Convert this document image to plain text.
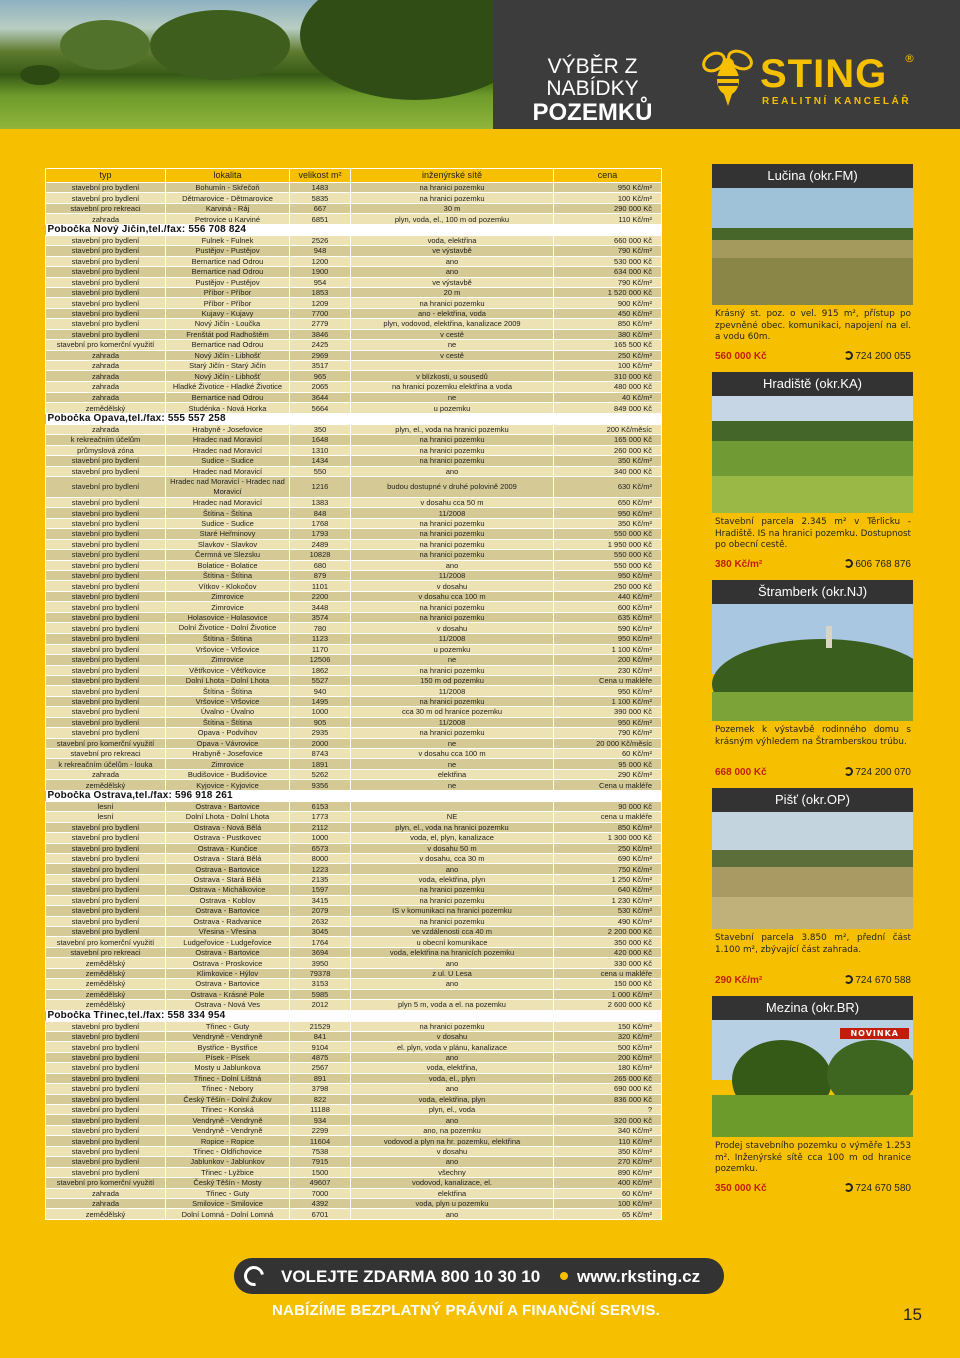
VÝBĚR Z NABÍDKY
POZEMKŮ
STING ®
REALITNÍ KANCELÁŘ
typ	lokalita	velikost m²	inženýrské sítě	cena
stavební pro bydlení	Bohumín - Skřečoň	1483	na hranici pozemku	950 Kč/m²
stavební pro bydlení	Dětmarovice - Dětmarovice	5835	na hranici pozemku	100 Kč/m²
stavební pro rekreaci	Karviná - Ráj	667	30 m	290 000 Kč
zahrada	Petrovice u Karviné	6851	plyn, voda, el., 100 m od pozemku	110 Kč/m²
Pobočka Nový Jičín,tel./fax: 556 708 824				
stavební pro bydlení	Fulnek - Fulnek	2526	voda, elektřina	660 000 Kč
stavební pro bydlení	Pustějov - Pustějov	948	ve výstavbě	790 Kč/m²
stavební pro bydlení	Bernartice nad Odrou	1200	ano	530 000 Kč
stavební pro bydlení	Bernartice nad Odrou	1900	ano	634 000 Kč
stavební pro bydlení	Pustějov - Pustějov	954	ve výstavbě	790 Kč/m²
stavební pro bydlení	Příbor - Příbor	1853	20 m	1 520 000 Kč
stavební pro bydlení	Příbor - Příbor	1209	na hranici pozemku	900 Kč/m²
stavební pro bydlení	Kujavy - Kujavy	7700	ano - elektřina, voda	450 Kč/m²
stavební pro bydlení	Nový Jičín - Loučka	2779	plyn, vodovod, elektřina, kanalizace 2009	850 Kč/m²
stavební pro bydlení	Frenštát pod Radhoštěm	3846	v cestě	380 Kč/m²
stavební pro komerční využití	Bernartice nad Odrou	2425	ne	165 500 Kč
zahrada	Nový Jičín - Libhošť	2969	v cestě	250 Kč/m²
zahrada	Starý Jičín - Starý Jičín	3517		100 Kč/m²
zahrada	Nový Jičín - Libhošť	965	v blízkosti, u sousedů	310 000 Kč
zahrada	Hladké Životice - Hladké Životice	2065	na hranici pozemku elektřina a voda	480 000 Kč
zahrada	Bernartice nad Odrou	3644	ne	40 Kč/m²
zemědělský	Studénka - Nová Horka	5664	u pozemku	849 000 Kč
Pobočka Opava,tel./fax: 555 557 258				
zahrada	Hrabyně - Josefovice	350	plyn, el., voda na hranici pozemku	200 Kč/měsíc
k rekreačním účelům	Hradec nad Moravicí	1648	na hranici pozemku	165 000 Kč
průmyslová zóna	Hradec nad Moravicí	1310	na hranici pozemku	260 000 Kč
stavební pro bydlení	Sudice - Sudice	1434	na hranici pozemku	350 Kč/m²
stavební pro bydlení	Hradec nad Moravicí	550	ano	340 000 Kč
stavební pro bydlení	Hradec nad Moravicí - Hradec nad Moravicí	1216	budou dostupné v druhé polovině 2009	630 Kč/m²
stavební pro bydlení	Hradec nad Moravicí	1383	v dosahu cca 50 m	650 Kč/m²
stavební pro bydlení	Štítina - Štítina	848	11/2008	950 Kč/m²
stavební pro bydlení	Sudice - Sudice	1768	na hranici pozemku	350 Kč/m²
stavební pro bydlení	Staré Heřminovy	1793	na hranici pozemku	550 000 Kč
stavební pro bydlení	Slavkov - Slavkov	2489	na hranici pozemku	1 950 000 Kč
stavební pro bydlení	Čermná ve Slezsku	10828	na hranici pozemku	550 000 Kč
stavební pro bydlení	Bolatice - Bolatice	680	ano	550 000 Kč
stavební pro bydlení	Štítina - Štítina	879	11/2008	950 Kč/m²
stavební pro bydlení	Vítkov - Klokočov	1101	v dosahu	250 000 Kč
stavební pro bydlení	Zimrovice	2200	v dosahu cca 100 m	440 Kč/m²
stavební pro bydlení	Zimrovice	3448	na hranici pozemku	600 Kč/m²
stavební pro bydlení	Holasovice - Holasovice	3574	na hranici pozemku	635 Kč/m²
stavební pro bydlení	Dolní Životice - Dolní Životice	780	v dosahu	590 Kč/m²
stavební pro bydlení	Štítina - Štítina	1123	11/2008	950 Kč/m²
stavební pro bydlení	Vršovice - Vršovice	1170	u pozemku	1 100 Kč/m²
stavební pro bydlení	Zimrovice	12506	ne	200 Kč/m²
stavební pro bydlení	Větřkovice - Větřkovice	1862	na hranici pozemku	230 Kč/m²
stavební pro bydlení	Dolní Lhota - Dolní Lhota	5527	150 m od pozemku	Cena u makléře
stavební pro bydlení	Štítina - Štítina	940	11/2008	950 Kč/m²
stavební pro bydlení	Vršovice - Vršovice	1495	na hranici pozemku	1 100 Kč/m²
stavební pro bydlení	Úvalno - Úvalno	1000	cca 30 m od hranice pozemku	390 000 Kč
stavební pro bydlení	Štítina - Štítina	905	11/2008	950 Kč/m²
stavební pro bydlení	Opava - Podvihov	2935	na hranici pozemku	790 Kč/m²
stavební pro komerční využití	Opava - Vávrovice	2000	ne	20 000 Kč/měsíc
stavební pro rekreaci	Hrabyně - Josefovice	8743	v dosahu cca 100 m	60 Kč/m²
k rekreačním účelům - louka	Zimrovice	1891	ne	95 000 Kč
zahrada	Budišovice - Budišovice	5262	elektřina	290 Kč/m²
zemědělský	Kyjovice - Kyjovice	9356	ne	Cena u makléře
Pobočka Ostrava,tel./fax: 596 918 261				
lesní	Ostrava - Bartovice	6153		90 000 Kč
lesní	Dolní Lhota - Dolní Lhota	1773	NE	cena u makléře
stavební pro bydlení	Ostrava - Nová Bělá	2112	plyn, el., voda na hranici pozemku	850 Kč/m²
stavební pro bydlení	Ostrava - Pustkovec	1000	voda, el, plyn, kanalizace	1 300 000 Kč
stavební pro bydlení	Ostrava - Kunčice	6573	v dosahu 50 m	250 Kč/m²
stavební pro bydlení	Ostrava - Stará Bělá	8000	v dosahu, cca 30 m	690 Kč/m²
stavební pro bydlení	Ostrava - Bartovice	1223	ano	750 Kč/m²
stavební pro bydlení	Ostrava - Stará Bělá	2135	voda, elektřina, plyn	1 250 Kč/m²
stavební pro bydlení	Ostrava - Michálkovice	1597	na hranici pozemku	640 Kč/m²
stavební pro bydlení	Ostrava - Koblov	3415	na hranici pozemku	1 230 Kč/m²
stavební pro bydlení	Ostrava - Bartovice	2079	IS v komunikaci na hranici pozemku	530 Kč/m²
stavební pro bydlení	Ostrava - Radvanice	2632	na hranici pozemku	490 Kč/m²
stavební pro bydlení	Vřesina - Vřesina	3045	ve vzdálenosti cca 40 m	2 200 000 Kč
stavební pro komerční využití	Ludgeřovice - Ludgeřovice	1764	u obecní komunikace	350 000 Kč
stavební pro rekreaci	Ostrava - Bartovice	3694	voda, elektřina na hranicích pozemku	420 000 Kč
zemědělský	Ostrava - Proskovice	3950	ano	330 000 Kč
zemědělský	Klimkovice - Hýlov	79378	z ul. U Lesa	cena u makléře
zemědělský	Ostrava - Bartovice	3153	ano	150 000 Kč
zemědělský	Ostrava - Krásné Pole	5985		1 000 Kč/m²
zemědělský	Ostrava - Nová Ves	2012	plyn 5 m, voda a el. na pozemku	2 600 000 Kč
Pobočka Třinec,tel./fax: 558 334 954				
stavební pro bydlení	Třinec - Guty	21529	na hranici pozemku	150 Kč/m²
stavební pro bydlení	Vendryně - Vendryně	841	v dosahu	320 Kč/m²
stavební pro bydlení	Bystřice - Bystřice	9104	el. plyn, voda v plánu, kanalizace	500 Kč/m²
stavební pro bydlení	Písek - Písek	4875	ano	200 Kč/m²
stavební pro bydlení	Mosty u Jablunkova	2567	voda, elektřina,	180 Kč/m²
stavební pro bydlení	Třinec - Dolní Líštná	891	voda, el., plyn	265 000 Kč
stavební pro bydlení	Třinec - Nebory	3798	ano	690 000 Kč
stavební pro bydlení	Český Těšín - Dolní Žukov	822	voda, elektřina, plyn	836 000 Kč
stavební pro bydlení	Třinec - Konská	11188	plyn, el., voda	?
stavební pro bydlení	Vendryně - Vendryně	934	ano	320 000 Kč
stavební pro bydlení	Vendryně - Vendryně	2299	ano, na pozemku	340 Kč/m²
stavební pro bydlení	Ropice - Ropice	11604	vodovod a plyn na hr. pozemku, elektřina	110 Kč/m²
stavební pro bydlení	Třinec - Oldřichovice	7538	v dosahu	350 Kč/m²
stavební pro bydlení	Jablunkov - Jablunkov	7915	ano	270 Kč/m²
stavební pro bydlení	Třinec - Lyžbice	1500	všechny	890 Kč/m²
stavební pro komerční využití	Český Těšín - Mosty	49607	vodovod, kanalizace, el.	400 Kč/m²
zahrada	Třinec - Guty	7000	elektřina	60 Kč/m²
zahrada	Smilovice - Smilovice	4392	voda, plyn u pozemku	100 Kč/m²
zemědělský	Dolní Lomná - Dolní Lomná	6701	ano	65 Kč/m²
Lučina (okr.FM)
Krásný st. poz. o vel. 915 m², přístup po zpevněné obec. komunikaci, napojení na el. a vodu 60m.
560 000 Kč	724 200 055
Hradiště (okr.KA)
Stavební parcela 2.345 m² v Těrlicku - Hradiště. IS na hranici pozemku. Dostupnost po obecní cestě.
380 Kč/m²	606 768 876
Štramberk (okr.NJ)
Pozemek k výstavbě rodinného domu s krásným výhledem na Štramberskou trúbu.
668 000 Kč	724 200 070
Pišť (okr.OP)
Stavební parcela 3.850 m², přední část 1.100 m², zbývající část zahrada.
290 Kč/m²	724 670 588
Mezina (okr.BR)
NOVINKA
Prodej stavebního pozemku o výměře 1.253 m². Inženýrské sítě cca 100 m od hranice pozemku.
350 000 Kč	724 670 580
VOLEJTE ZDARMA 800 10 30 10 www.rksting.cz
NABÍZÍME BEZPLATNÝ PRÁVNÍ A FINANČNÍ SERVIS.	15
